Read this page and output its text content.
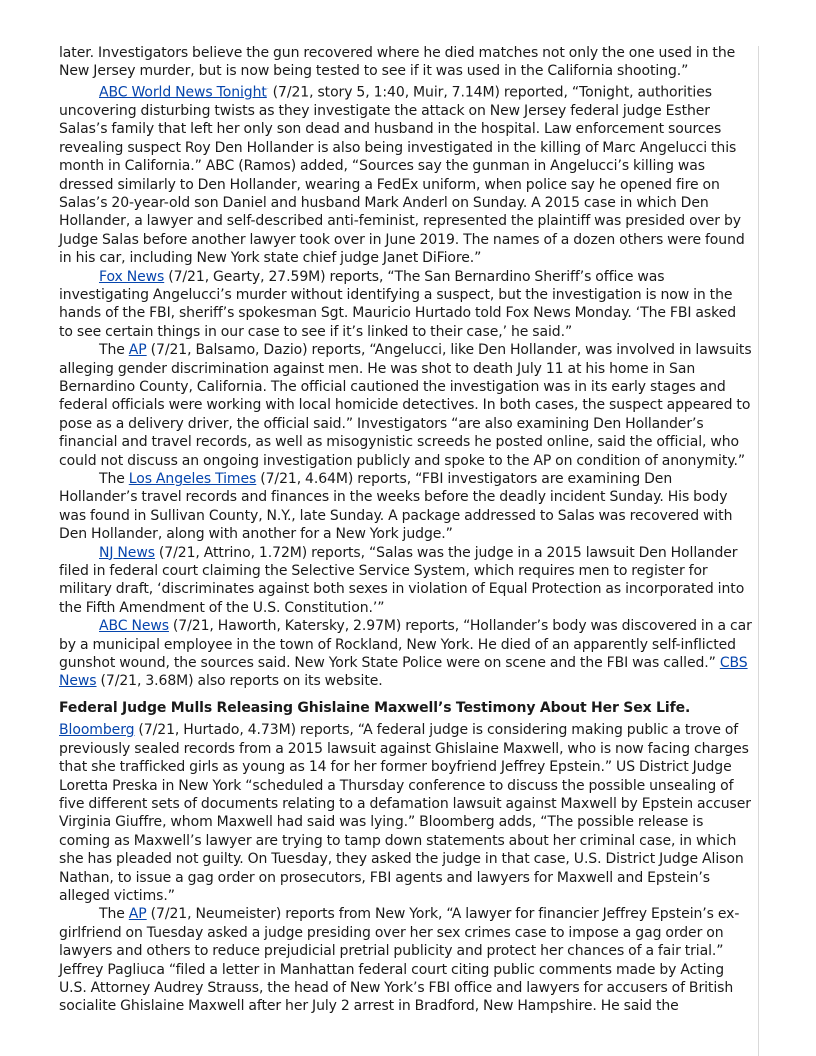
later. Investigators believe the gun recovered where he died matches not only the one used in the New Jersey murder, but is now being tested to see if it was used in the California shooting.”

ABC World News Tonight· (7/21, story 5, 1:40, Muir, 7.14M) reported, “Tonight, authorities uncovering disturbing twists as they investigate the attack on New Jersey federal judge Esther Salas’s family that left her only son dead and husband in the hospital. Law enforcement sources revealing suspect Roy Den Hollander is also being investigated in the killing of Marc Angelucci this month in California.” ABC (Ramos) added, “Sources say the gunman in Angelucci’s killing was dressed similarly to Den Hollander, wearing a FedEx uniform, when police say he opened fire on Salas’s 20-year-old son Daniel and husband Mark Anderl on Sunday. A 2015 case in which Den Hollander, a lawyer and self-described anti-feminist, represented the plaintiff was presided over by Judge Salas before another lawyer took over in June 2019. The names of a dozen others were found in his car, including New York state chief judge Janet DiFiore.”

Fox News (7/21, Gearty, 27.59M) reports, “The San Bernardino Sheriff’s office was investigating Angelucci’s murder without identifying a suspect, but the investigation is now in the hands of the FBI, sheriff’s spokesman Sgt. Mauricio Hurtado told Fox News Monday. ‘The FBI asked to see certain things in our case to see if it’s linked to their case,’ he said.”

The AP (7/21, Balsamo, Dazio) reports, “Angelucci, like Den Hollander, was involved in lawsuits alleging gender discrimination against men. He was shot to death July 11 at his home in San Bernardino County, California. The official cautioned the investigation was in its early stages and federal officials were working with local homicide detectives. In both cases, the suspect appeared to pose as a delivery driver, the official said.” Investigators “are also examining Den Hollander’s financial and travel records, as well as misogynistic screeds he posted online, said the official, who could not discuss an ongoing investigation publicly and spoke to the AP on condition of anonymity.”

The Los Angeles Times (7/21, 4.64M) reports, “FBI investigators are examining Den Hollander’s travel records and finances in the weeks before the deadly incident Sunday. His body was found in Sullivan County, N.Y., late Sunday. A package addressed to Salas was recovered with Den Hollander, along with another for a New York judge.”

NJ News (7/21, Attrino, 1.72M) reports, “Salas was the judge in a 2015 lawsuit Den Hollander filed in federal court claiming the Selective Service System, which requires men to register for military draft, ‘discriminates against both sexes in violation of Equal Protection as incorporated into the Fifth Amendment of the U.S. Constitution.’”

ABC News (7/21, Haworth, Katersky, 2.97M) reports, “Hollander’s body was discovered in a car by a municipal employee in the town of Rockland, New York. He died of an apparently self-inflicted gunshot wound, the sources said. New York State Police were on scene and the FBI was called.” CBS News (7/21, 3.68M) also reports on its website.

Federal Judge Mulls Releasing Ghislaine Maxwell’s Testimony About Her Sex Life.

Bloomberg (7/21, Hurtado, 4.73M) reports, “A federal judge is considering making public a trove of previously sealed records from a 2015 lawsuit against Ghislaine Maxwell, who is now facing charges that she trafficked girls as young as 14 for her former boyfriend Jeffrey Epstein.” US District Judge Loretta Preska in New York “scheduled a Thursday conference to discuss the possible unsealing of five different sets of documents relating to a defamation lawsuit against Maxwell by Epstein accuser Virginia Giuffre, whom Maxwell had said was lying.” Bloomberg adds, “The possible release is coming as Maxwell’s lawyer are trying to tamp down statements about her criminal case, in which she has pleaded not guilty. On Tuesday, they asked the judge in that case, U.S. District Judge Alison Nathan, to issue a gag order on prosecutors, FBI agents and lawyers for Maxwell and Epstein’s alleged victims.”

The AP (7/21, Neumeister) reports from New York, “A lawyer for financier Jeffrey Epstein’s ex-girlfriend on Tuesday asked a judge presiding over her sex crimes case to impose a gag order on lawyers and others to reduce prejudicial pretrial publicity and protect her chances of a fair trial.” Jeffrey Pagliuca “filed a letter in Manhattan federal court citing public comments made by Acting U.S. Attorney Audrey Strauss, the head of New York’s FBI office and lawyers for accusers of British socialite Ghislaine Maxwell after her July 2 arrest in Bradford, New Hampshire. He said the
